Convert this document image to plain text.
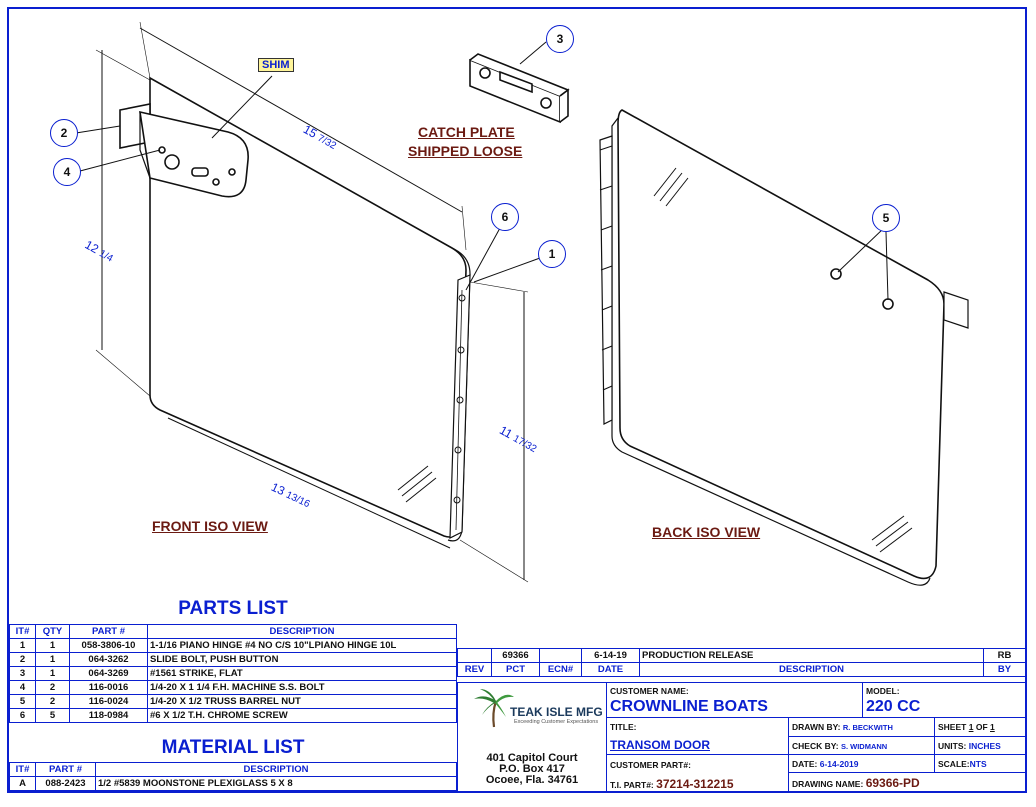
1
2
3
4
5
6
SHIM
CATCH PLATE
SHIPPED LOOSE
FRONT ISO VIEW	BACK ISO VIEW
15 7/32
12 1/4
13 13/16
11 17/32
PARTS LIST
IT#	QTY	PART #	DESCRIPTION
1	1	058-3806-10	1-1/16 PIANO HINGE #4 NO C/S 10"LPIANO HINGE 10L
2	1	064-3262	SLIDE BOLT, PUSH BUTTON
3	1	064-3269	#1561 STRIKE, FLAT
4	2	116-0016	1/4-20 X 1 1/4 F.H. MACHINE S.S. BOLT
5	2	116-0024	1/4-20 X 1/2 TRUSS BARREL NUT
6	5	118-0984	#6 X 1/2 T.H. CHROME SCREW
MATERIAL LIST
IT#	PART #	DESCRIPTION
A	088-2423	1/2 #5839 MOONSTONE PLEXIGLASS 5 X 8
	69366		6-14-19	PRODUCTION RELEASE	RB
REV	PCT	ECN#	DATE	DESCRIPTION	BY
TEAK ISLE MFG
Exceeding Customer Expectations
401 Capitol Court
P.O. Box 417
Ocoee, Fla. 34761
CUSTOMER NAME:
CROWNLINE BOATS
MODEL:
220 CC
TITLE:
TRANSOM DOOR
CUSTOMER PART#:
T.I. PART#: 37214-312215
DRAWN BY: R. BECKWITH	SHEET 1 OF 1
CHECK BY: S. WIDMANN	UNITS: INCHES
DATE: 6-14-2019	SCALE:NTS
DRAWING NAME: 69366-PD
